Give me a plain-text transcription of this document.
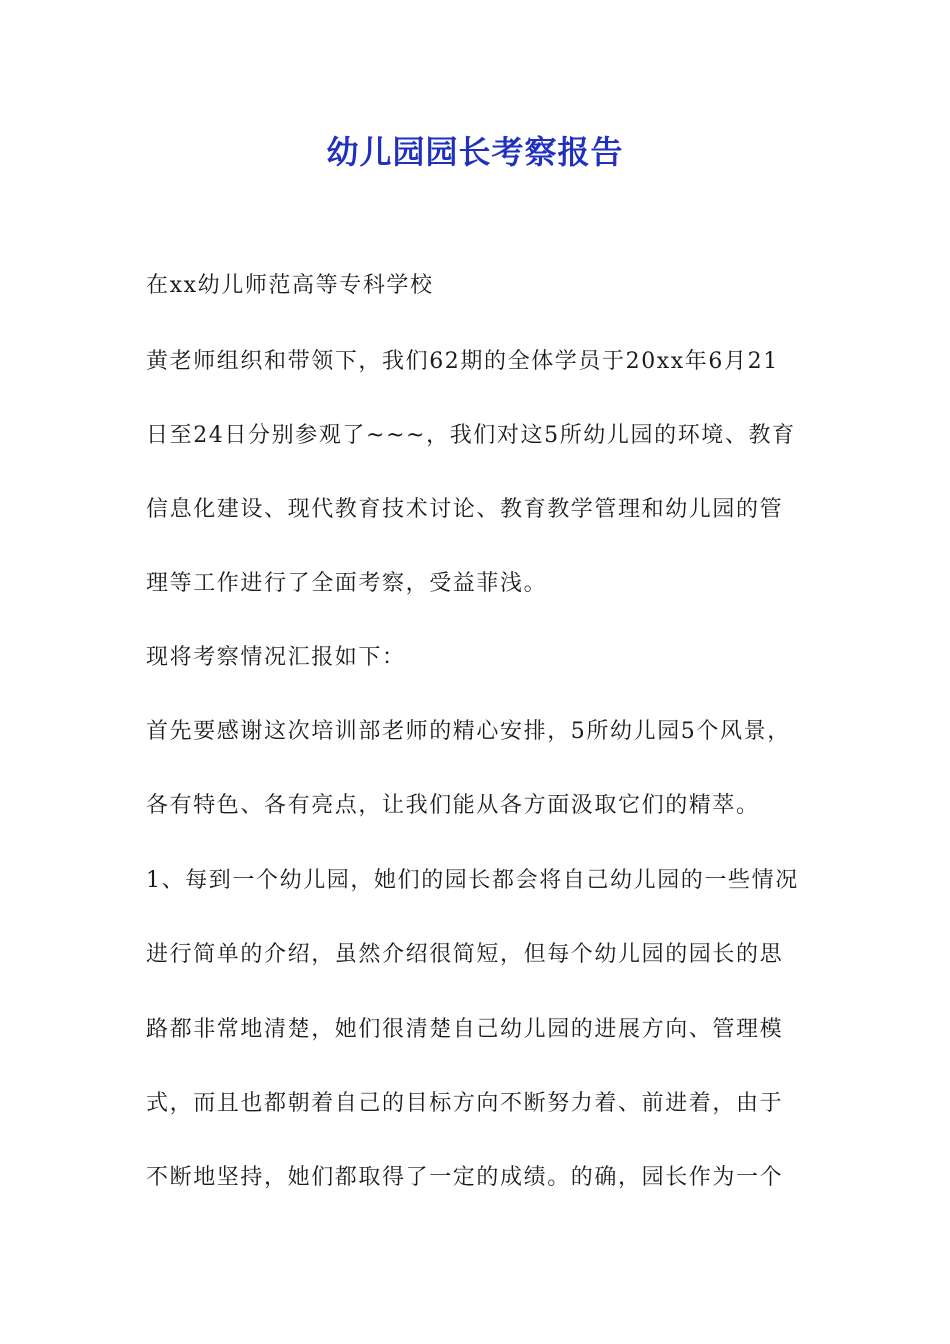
幼儿园园长考察报告
在xx幼儿师范高等专科学校
黄老师组织和带领下，我们62期的全体学员于20xx年6月21
日至24日分别参观了~~~，我们对这5所幼儿园的环境、教育
信息化建设、现代教育技术讨论、教育教学管理和幼儿园的管
理等工作进行了全面考察，受益菲浅。
现将考察情况汇报如下：
首先要感谢这次培训部老师的精心安排，5所幼儿园5个风景，
各有特色、各有亮点，让我们能从各方面汲取它们的精萃。
1、每到一个幼儿园，她们的园长都会将自己幼儿园的一些情况
进行简单的介绍，虽然介绍很简短，但每个幼儿园的园长的思
路都非常地清楚，她们很清楚自己幼儿园的进展方向、管理模
式，而且也都朝着自己的目标方向不断努力着、前进着，由于
不断地坚持，她们都取得了一定的成绩。的确，园长作为一个
